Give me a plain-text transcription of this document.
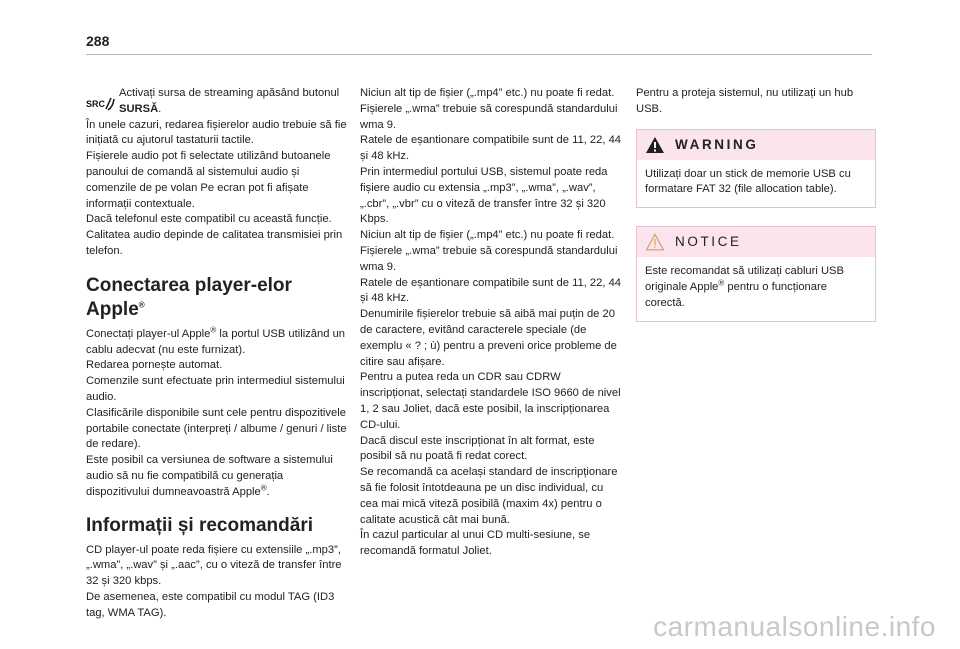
288
SRC

Activați sursa de streaming apăsând butonul SURSĂ.

În unele cazuri, redarea fișierelor audio trebuie să fie inițiată cu ajutorul tastaturii tactile.

Fișierele audio pot fi selectate utilizând butoanele panoului de comandă al sistemului audio și comenzile de pe volan Pe ecran pot fi afișate informații contextuale.

Dacă telefonul este compatibil cu această funcție. Calitatea audio depinde de calitatea transmisiei prin telefon.

Conectarea player-elor Apple®

Conectați player-ul Apple® la portul USB utilizând un cablu adecvat (nu este furnizat).

Redarea pornește automat.

Comenzile sunt efectuate prin intermediul sistemului audio.

Clasificările disponibile sunt cele pentru dispozitivele portabile conectate (interpreți / albume / genuri / liste de redare).

Este posibil ca versiunea de software a sistemului audio să nu fie compatibilă cu generația dispozitivului dumneavoastră Apple®.

Informații și recomandări

CD player-ul poate reda fișiere cu extensiile „.mp3”, „.wma”, „.wav” și „.aac”, cu o viteză de transfer între 32 și 320 kbps.

De asemenea, este compatibil cu modul TAG (ID3 tag, WMA TAG).

Niciun alt tip de fișier („.mp4” etc.) nu poate fi redat.

Fișierele „.wma” trebuie să corespundă standardului wma 9.

Ratele de eșantionare compatibile sunt de 11, 22, 44 și 48 kHz.

Prin intermediul portului USB, sistemul poate reda fișiere audio cu extensia „.mp3”, „.wma”, „.wav”, „.cbr”, „.vbr” cu o viteză de transfer între 32 și 320 Kbps.

Niciun alt tip de fișier („.mp4” etc.) nu poate fi redat.

Fișierele „.wma” trebuie să corespundă standardului wma 9.

Ratele de eșantionare compatibile sunt de 11, 22, 44 și 48 kHz.

Denumirile fișierelor trebuie să aibă mai puțin de 20 de caractere, evitând caracterele speciale (de exemplu « ? ; ù) pentru a preveni orice probleme de citire sau afișare.

Pentru a putea reda un CDR sau CDRW inscripționat, selectați standardele ISO 9660 de nivel 1, 2 sau Joliet, dacă este posibil, la inscripționarea CD-ului.

Dacă discul este inscripționat în alt format, este posibil să nu poată fi redat corect.

Se recomandă ca același standard de inscripționare să fie folosit întotdeauna pe un disc individual, cu cea mai mică viteză posibilă (maxim 4x) pentru o calitate acustică cât mai bună.

În cazul particular al unui CD multi-sesiune, se recomandă formatul Joliet.

Pentru a proteja sistemul, nu utilizați un hub USB.

WARNING
Utilizați doar un stick de memorie USB cu formatare FAT 32 (file allocation table).
NOTICE
Este recomandat să utilizați cabluri USB originale Apple® pentru o funcționare corectă.
carmanualsonline.info
